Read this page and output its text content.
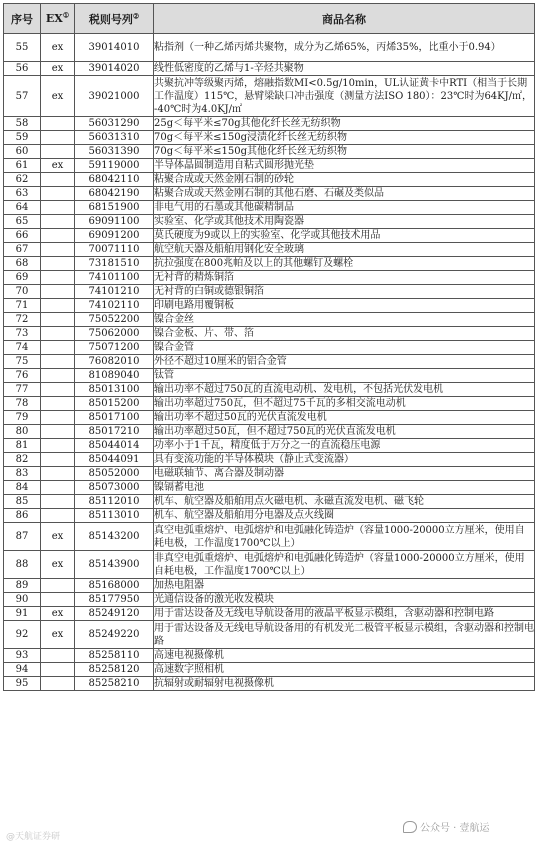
序号	EX①	税则号列②	商品名称
55	ex	39014010	粘指剂（一种乙烯丙烯共聚物，成分为乙烯65%，丙烯35%，比重小于0.94）
56	ex	39014020	线性低密度的乙烯与1-辛烃共聚物
57	ex	39021000	共聚抗冲等级聚丙烯，熔融指数MI<0.5g/10min，UL认证黄卡中RTI（相当于长期工作温度）115℃，悬臂梁缺口冲击强度（测量方法ISO 180）：23℃时为64KJ/㎡，-40℃时为4.0KJ/㎡
58		56031290	25g＜每平米≤70g其他化纤长丝无纺织物
59		56031310	70g＜每平米≤150g浸渍化纤长丝无纺织物
60		56031390	70g＜每平米≤150g其他化纤长丝无纺织物
61	ex	59119000	半导体晶圆制造用自粘式圆形抛光垫
62		68042110	粘聚合成或天然金刚石制的砂轮
63		68042190	粘聚合成或天然金刚石制的其他石磨、石碾及类似品
64		68151900	非电气用的石墨或其他碳精制品
65		69091100	实验室、化学或其他技术用陶瓷器
66		69091200	莫氏硬度为9或以上的实验室、化学或其他技术用品
67		70071110	航空航天器及船舶用钢化安全玻璃
68		73181510	抗拉强度在800兆帕及以上的其他螺钉及螺栓
69		74101100	无衬背的精炼铜箔
70		74101210	无衬背的白铜或德银铜箔
71		74102110	印刷电路用覆铜板
72		75052200	镍合金丝
73		75062000	镍合金板、片、带、箔
74		75071200	镍合金管
75		76082010	外径不超过10厘米的铝合金管
76		81089040	钛管
77		85013100	输出功率不超过750瓦的直流电动机、发电机，不包括光伏发电机
78		85015200	输出功率超过750瓦，但不超过75千瓦的多相交流电动机
79		85017100	输出功率不超过50瓦的光伏直流发电机
80		85017210	输出功率超过50瓦，但不超过750瓦的光伏直流发电机
81		85044014	功率小于1千瓦，精度低于万分之一的直流稳压电源
82		85044091	具有变流功能的半导体模块（静止式变流器）
83		85052000	电磁联轴节、离合器及制动器
84		85073000	镍镉蓄电池
85		85112010	机车、航空器及船舶用点火磁电机、永磁直流发电机、磁飞轮
86		85113010	机车、航空器及船舶用分电器及点火线圈
87	ex	85143200	真空电弧重熔炉、电弧熔炉和电弧融化铸造炉（容量1000-20000立方厘米，使用自耗电极，工作温度1700℃以上）
88	ex	85143900	非真空电弧重熔炉、电弧熔炉和电弧融化铸造炉（容量1000-20000立方厘米，使用自耗电极，工作温度1700℃以上）
89		85168000	加热电阻器
90		85177950	光通信设备的激光收发模块
91	ex	85249120	用于雷达设备及无线电导航设备用的液晶平板显示模组，含驱动器和控制电路
92	ex	85249220	用于雷达设备及无线电导航设备用的有机发光二极管平板显示模组，含驱动器和控制电路
93		85258110	高速电视摄像机
94		85258120	高速数字照相机
95		85258210	抗辐射或耐辐射电视摄像机
@天航证券研
公众号 · 壹航运
